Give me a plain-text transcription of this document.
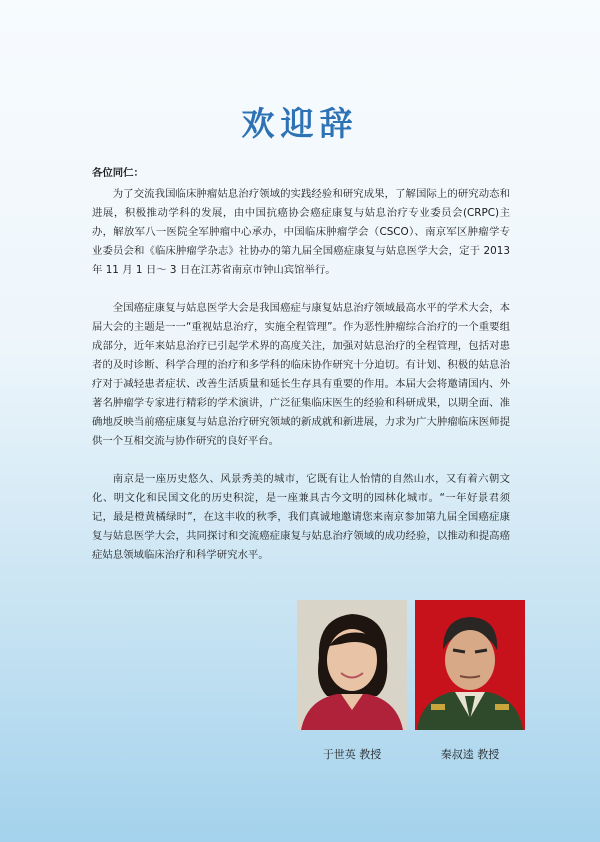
欢迎辞

各位同仁：

为了交流我国临床肿瘤姑息治疗领域的实践经验和研究成果，了解国际上的研究动态和进展，积极推动学科的发展，由中国抗癌协会癌症康复与姑息治疗专业委员会(CRPC)主办，解放军八一医院全军肿瘤中心承办，中国临床肿瘤学会（CSCO）、南京军区肿瘤学专业委员会和《临床肿瘤学杂志》社协办的第九届全国癌症康复与姑息医学大会，定于 2013 年 11 月 1 日～ 3 日在江苏省南京市钟山宾馆举行。

全国癌症康复与姑息医学大会是我国癌症与康复姑息治疗领域最高水平的学术大会，本届大会的主题是一一“重视姑息治疗，实施全程管理”。作为恶性肿瘤综合治疗的一个重要组成部分，近年来姑息治疗已引起学术界的高度关注，加强对姑息治疗的全程管理，包括对患者的及时诊断、科学合理的治疗和多学科的临床协作研究十分迫切。有计划、积极的姑息治疗对于减轻患者症状、改善生活质量和延长生存具有重要的作用。本届大会将邀请国内、外著名肿瘤学专家进行精彩的学术演讲，广泛征集临床医生的经验和科研成果，以期全面、准确地反映当前癌症康复与姑息治疗研究领域的新成就和新进展，力求为广大肿瘤临床医师提供一个互相交流与协作研究的良好平台。

南京是一座历史悠久、风景秀美的城市，它既有让人怡情的自然山水，又有着六朝文化、明文化和民国文化的历史积淀，是一座兼具古今文明的园林化城市。“一年好景君须记，最是橙黄橘绿时”，在这丰收的秋季，我们真诚地邀请您来南京参加第九届全国癌症康复与姑息医学大会，共同探讨和交流癌症康复与姑息治疗领域的成功经验，以推动和提高癌症姑息领域临床治疗和科学研究水平。

于世英 教授	秦叔逵 教授
